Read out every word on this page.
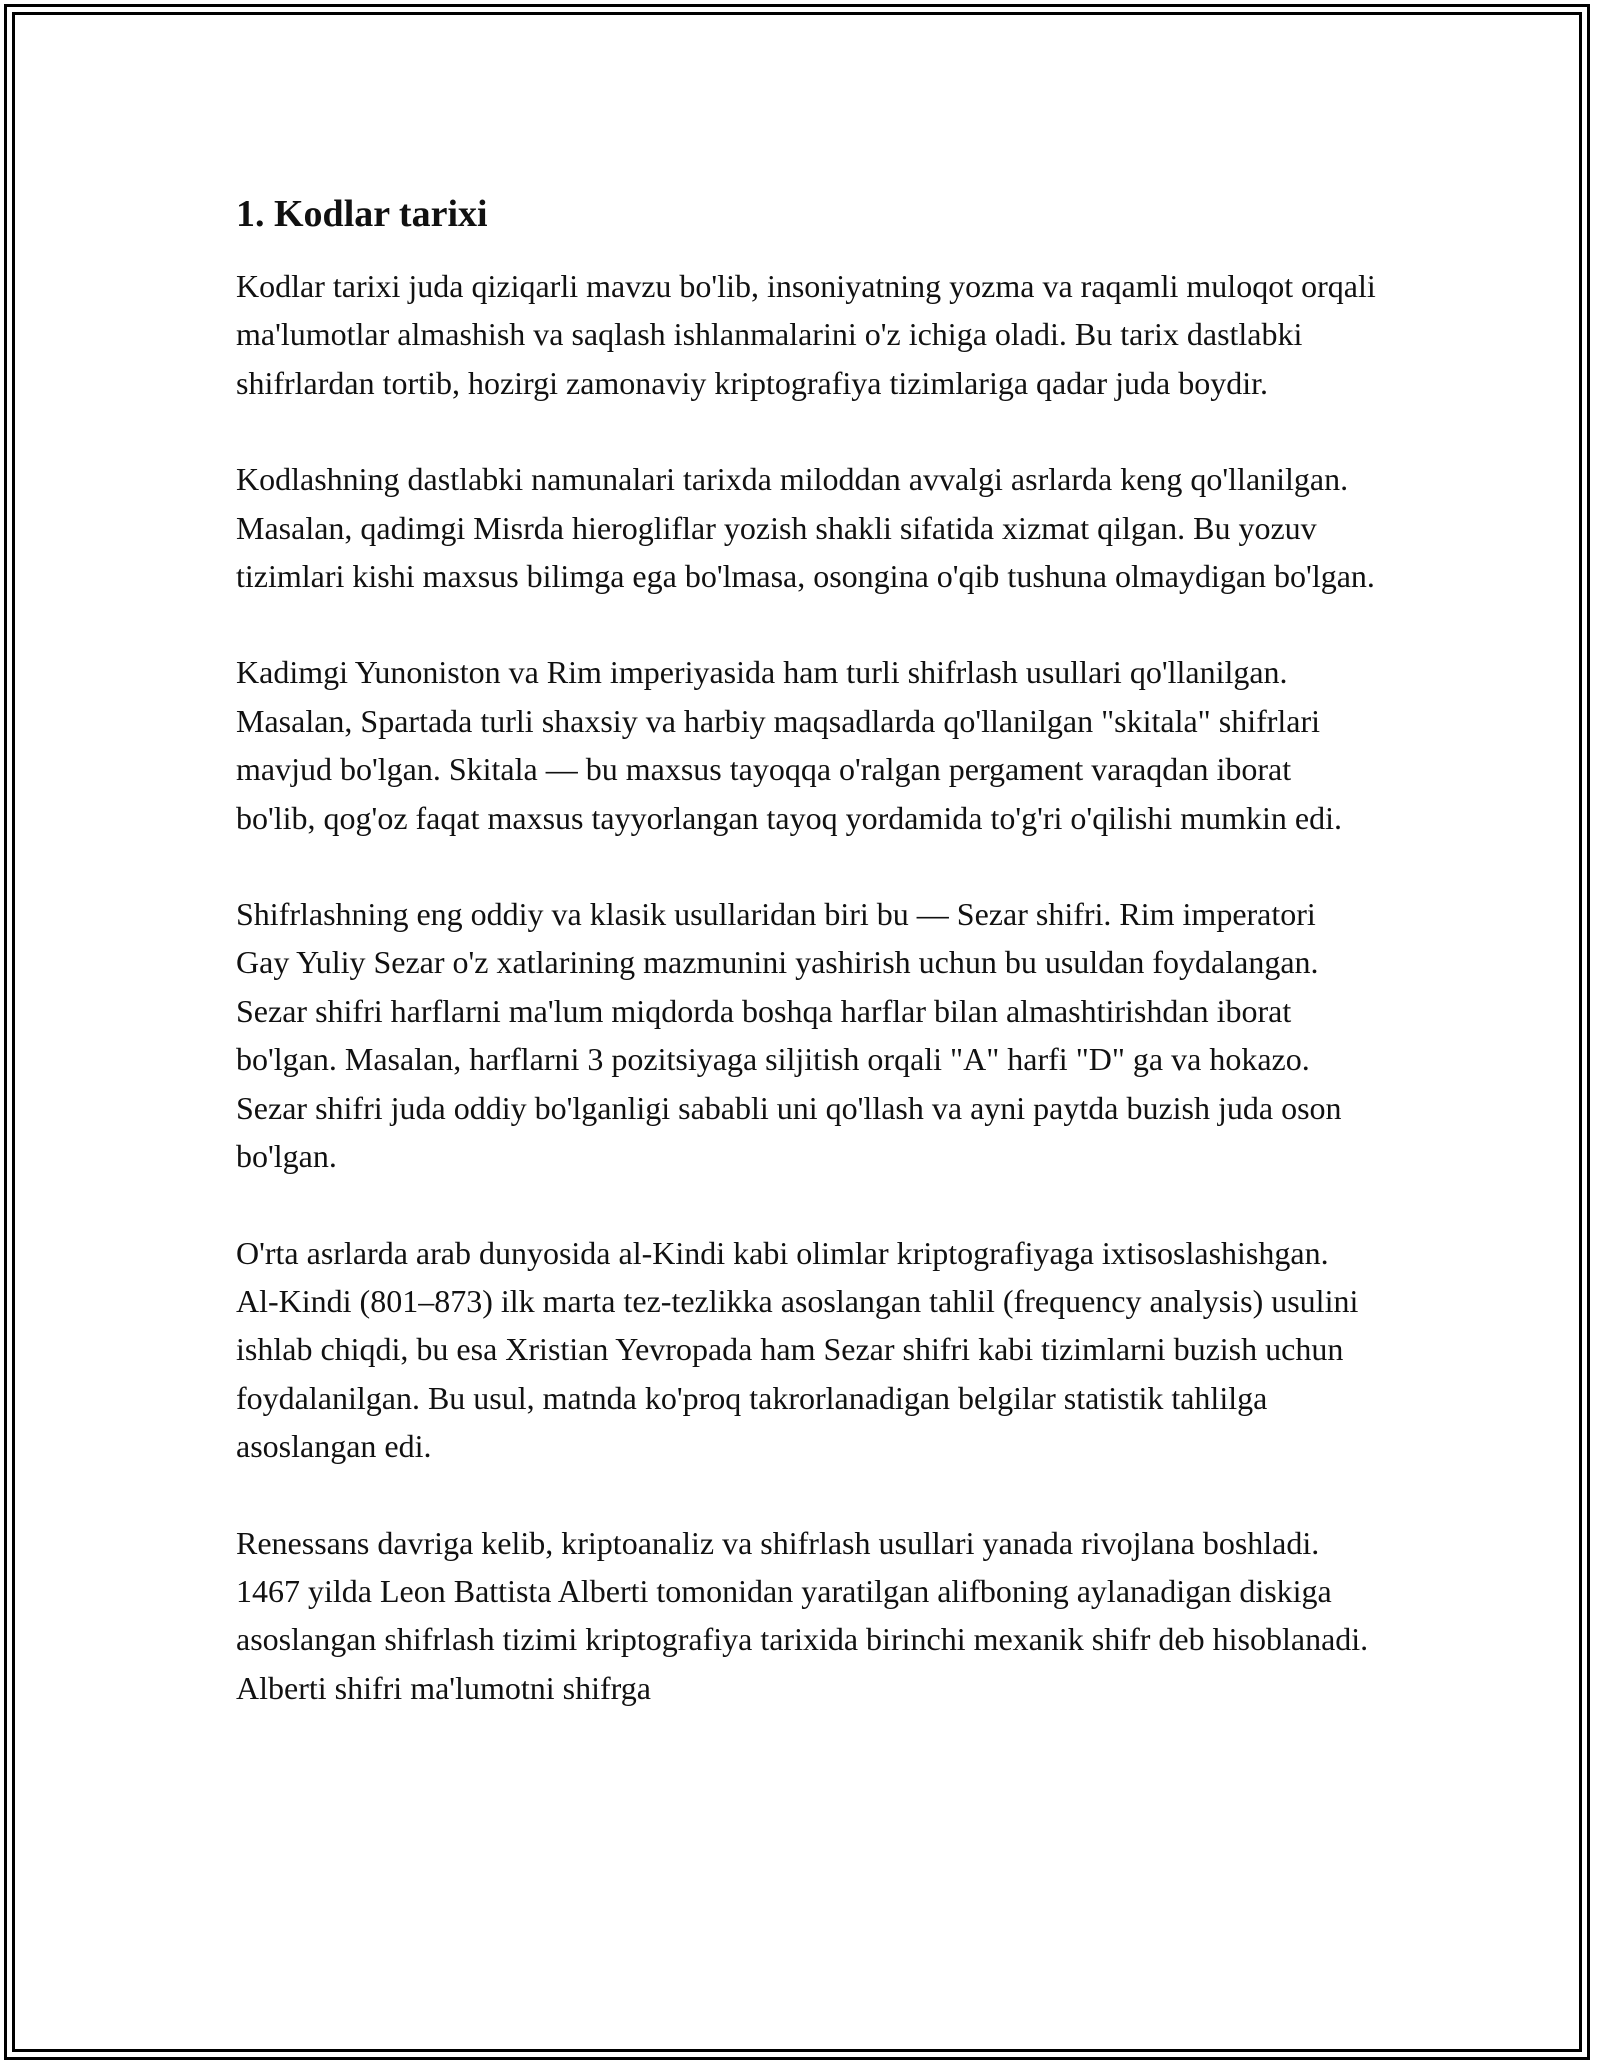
1. Kodlar tarixi

Kodlar tarixi juda qiziqarli mavzu bo'lib, insoniyatning yozma va raqamli muloqot orqali ma'lumotlar almashish va saqlash ishlanmalarini o'z ichiga oladi. Bu tarix dastlabki shifrlardan tortib, hozirgi zamonaviy kriptografiya tizimlariga qadar juda boydir.

Kodlashning dastlabki namunalari tarixda miloddan avvalgi asrlarda keng qo'llanilgan. Masalan, qadimgi Misrda hierogliflar yozish shakli sifatida xizmat qilgan. Bu yozuv tizimlari kishi maxsus bilimga ega bo'lmasa, osongina o'qib tushuna olmaydigan bo'lgan.

Kadimgi Yunoniston va Rim imperiyasida ham turli shifrlash usullari qo'llanilgan. Masalan, Spartada turli shaxsiy va harbiy maqsadlarda qo'llanilgan "skitala" shifrlari mavjud bo'lgan. Skitala — bu maxsus tayoqqa o'ralgan pergament varaqdan iborat bo'lib, qog'oz faqat maxsus tayyorlangan tayoq yordamida to'g'ri o'qilishi mumkin edi.

Shifrlashning eng oddiy va klasik usullaridan biri bu — Sezar shifri. Rim imperatori Gay Yuliy Sezar o'z xatlarining mazmunini yashirish uchun bu usuldan foydalangan. Sezar shifri harflarni ma'lum miqdorda boshqa harflar bilan almashtirishdan iborat bo'lgan. Masalan, harflarni 3 pozitsiyaga siljitish orqali "A" harfi "D" ga va hokazo. Sezar shifri juda oddiy bo'lganligi sababli uni qo'llash va ayni paytda buzish juda oson bo'lgan.

O'rta asrlarda arab dunyosida al-Kindi kabi olimlar kriptografiyaga ixtisoslashishgan. Al-Kindi (801–873) ilk marta tez-tezlikka asoslangan tahlil (frequency analysis) usulini ishlab chiqdi, bu esa Xristian Yevropada ham Sezar shifri kabi tizimlarni buzish uchun foydalanilgan. Bu usul, matnda ko'proq takrorlanadigan belgilar statistik tahlilga asoslangan edi.

Renessans davriga kelib, kriptoanaliz va shifrlash usullari yanada rivojlana boshladi. 1467 yilda Leon Battista Alberti tomonidan yaratilgan alifboning aylanadigan diskiga asoslangan shifrlash tizimi kriptografiya tarixida birinchi mexanik shifr deb hisoblanadi. Alberti shifri ma'lumotni shifrga
